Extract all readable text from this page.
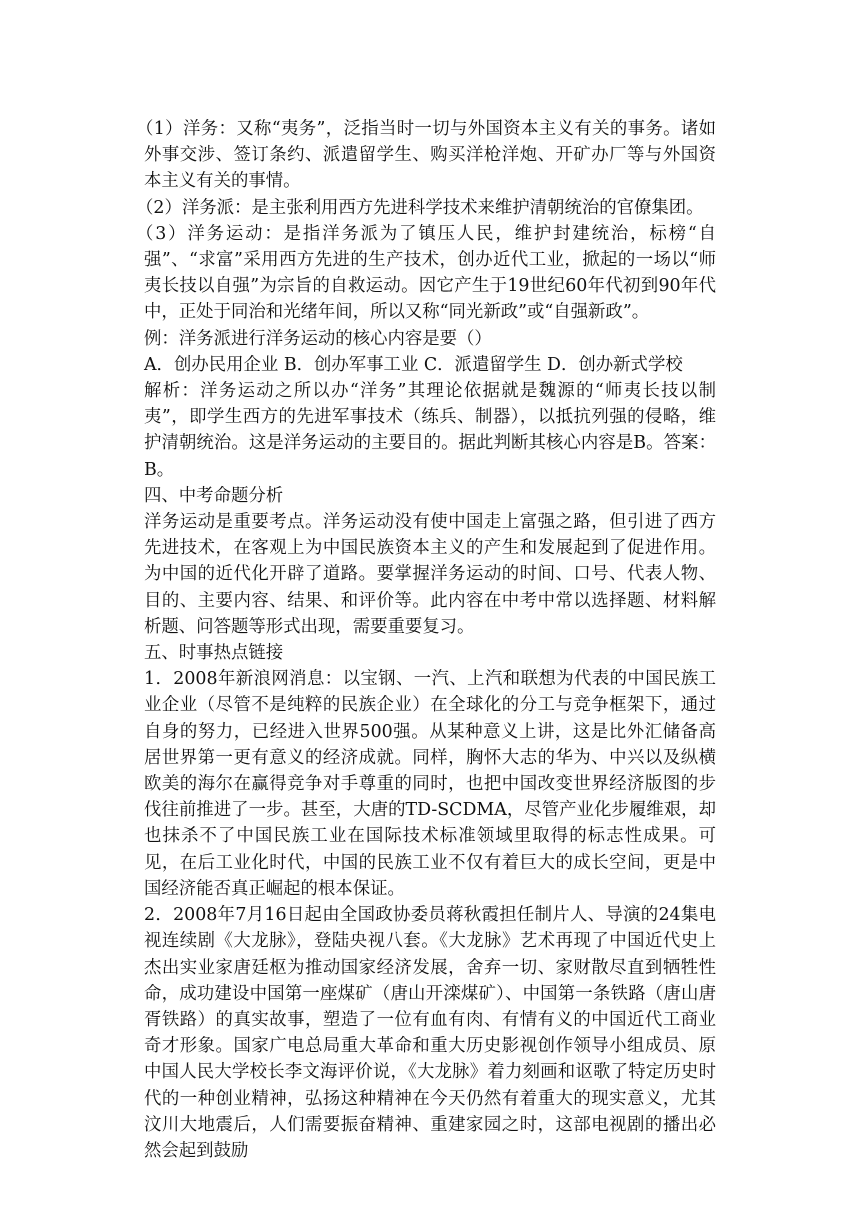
（1）洋务：又称“夷务”，泛指当时一切与外国资本主义有关的事务。诸如外事交涉、签订条约、派遣留学生、购买洋枪洋炮、开矿办厂等与外国资本主义有关的事情。

（2）洋务派：是主张利用西方先进科学技术来维护清朝统治的官僚集团。

（3）洋务运动：是指洋务派为了镇压人民，维护封建统治，标榜“自强”、“求富”采用西方先进的生产技术，创办近代工业，掀起的一场以“师夷长技以自强”为宗旨的自救运动。因它产生于19世纪60年代初到90年代中，正处于同治和光绪年间，所以又称“同光新政”或“自强新政”。

例：洋务派进行洋务运动的核心内容是要（）

A．创办民用企业 B．创办军事工业 C．派遣留学生 D．创办新式学校

解析：洋务运动之所以办“洋务”其理论依据就是魏源的“师夷长技以制夷”，即学生西方的先进军事技术（练兵、制器），以抵抗列强的侵略，维护清朝统治。这是洋务运动的主要目的。据此判断其核心内容是B。答案：B。

四、中考命题分析

洋务运动是重要考点。洋务运动没有使中国走上富强之路，但引进了西方先进技术，在客观上为中国民族资本主义的产生和发展起到了促进作用。为中国的近代化开辟了道路。要掌握洋务运动的时间、口号、代表人物、目的、主要内容、结果、和评价等。此内容在中考中常以选择题、材料解析题、问答题等形式出现，需要重要复习。

五、时事热点链接

1．2008年新浪网消息：以宝钢、一汽、上汽和联想为代表的中国民族工业企业（尽管不是纯粹的民族企业）在全球化的分工与竞争框架下，通过自身的努力，已经进入世界500强。从某种意义上讲，这是比外汇储备高居世界第一更有意义的经济成就。同样，胸怀大志的华为、中兴以及纵横欧美的海尔在赢得竞争对手尊重的同时，也把中国改变世界经济版图的步伐往前推进了一步。甚至，大唐的TD-SCDMA，尽管产业化步履维艰，却也抹杀不了中国民族工业在国际技术标准领域里取得的标志性成果。可见，在后工业化时代，中国的民族工业不仅有着巨大的成长空间，更是中国经济能否真正崛起的根本保证。

2．2008年7月16日起由全国政协委员蒋秋霞担任制片人、导演的24集电视连续剧《大龙脉》，登陆央视八套。《大龙脉》艺术再现了中国近代史上杰出实业家唐廷枢为推动国家经济发展，舍弃一切、家财散尽直到牺牲性命，成功建设中国第一座煤矿（唐山开滦煤矿）、中国第一条铁路（唐山唐胥铁路）的真实故事，塑造了一位有血有肉、有情有义的中国近代工商业奇才形象。国家广电总局重大革命和重大历史影视创作领导小组成员、原中国人民大学校长李文海评价说，《大龙脉》着力刻画和讴歌了特定历史时代的一种创业精神，弘扬这种精神在今天仍然有着重大的现实意义，尤其汶川大地震后，人们需要振奋精神、重建家园之时，这部电视剧的播出必然会起到鼓励
